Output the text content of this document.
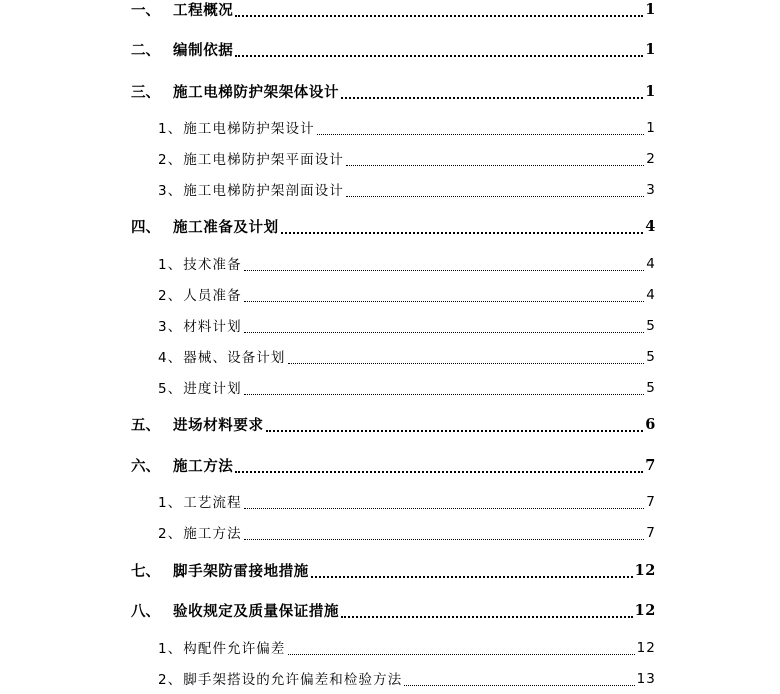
一、 工程概况	1
二、 编制依据	1
三、 施工电梯防护架架体设计	1
1、 施工电梯防护架设计	1
2、 施工电梯防护架平面设计	2
3、 施工电梯防护架剖面设计	3
四、 施工准备及计划	4
1、 技术准备	4
2、 人员准备	4
3、 材料计划	5
4、 器械、设备计划	5
5、 进度计划	5
五、 进场材料要求	6
六、 施工方法	7
1、 工艺流程	7
2、 施工方法	7
七、 脚手架防雷接地措施	12
八、 验收规定及质量保证措施	12
1、 构配件允许偏差	12
2、 脚手架搭设的允许偏差和检验方法	13
